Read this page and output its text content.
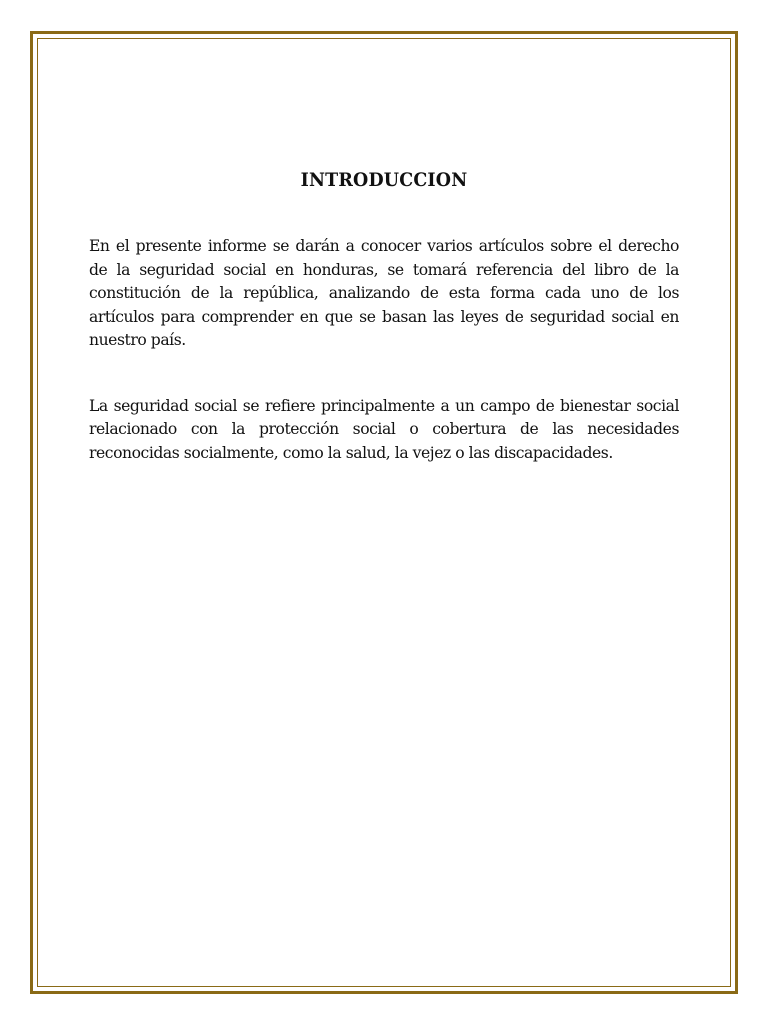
INTRODUCCION

En el presente informe se darán a conocer varios artículos sobre el derecho de la seguridad social en honduras, se tomará referencia del libro de la constitución de la república, analizando de esta forma cada uno de los artículos para comprender en que se basan las leyes de seguridad social en nuestro país.

La seguridad social se refiere principalmente a un campo de bienestar social relacionado con la protección social o cobertura de las necesidades reconocidas socialmente, como la salud, la vejez o las discapacidades.
